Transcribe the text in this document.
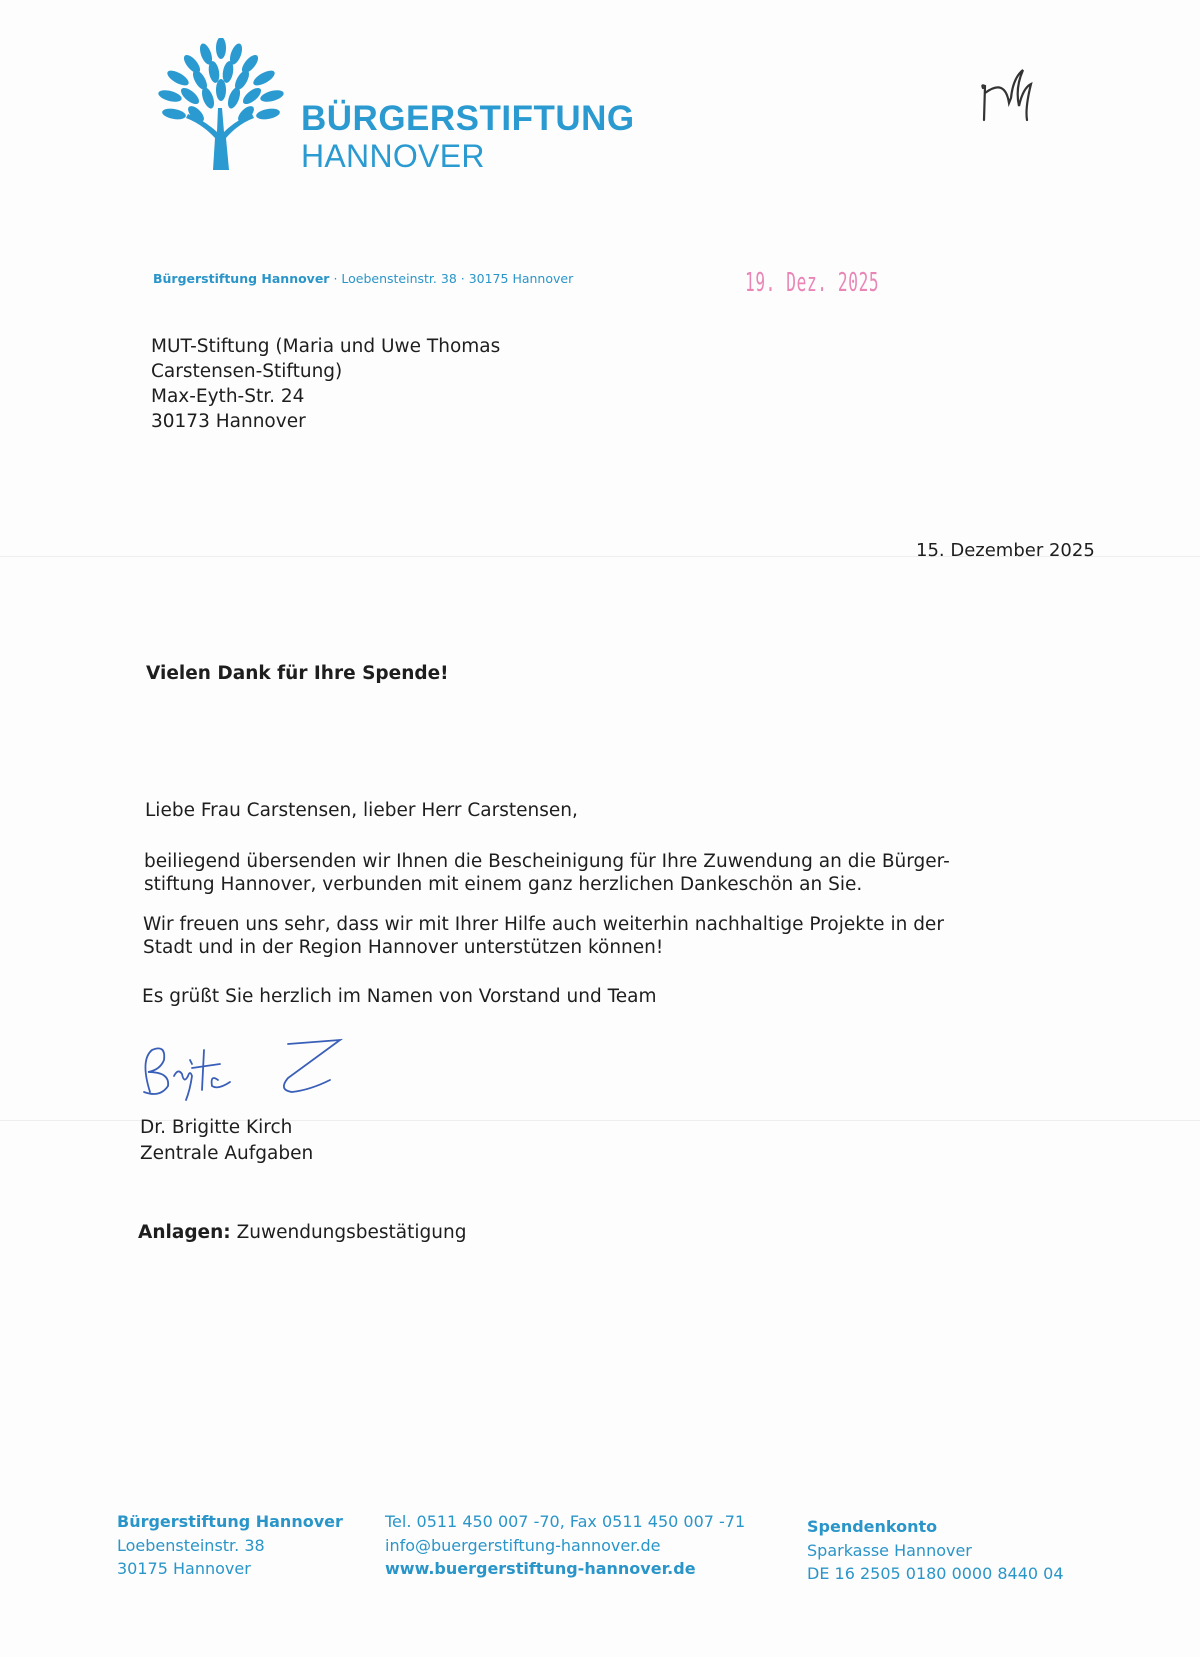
BÜRGERSTIFTUNG
HANNOVER
Bürgerstiftung Hannover · Loebensteinstr. 38 · 30175 Hannover	19. Dez. 2025
MUT-Stiftung (Maria und Uwe Thomas
Carstensen-Stiftung)
Max-Eyth-Str. 24
30173 Hannover
15. Dezember 2025
Vielen Dank für Ihre Spende!
Liebe Frau Carstensen, lieber Herr Carstensen,
beiliegend übersenden wir Ihnen die Bescheinigung für Ihre Zuwendung an die Bürger-
stiftung Hannover, verbunden mit einem ganz herzlichen Dankeschön an Sie.
Wir freuen uns sehr, dass wir mit Ihrer Hilfe auch weiterhin nachhaltige Projekte in der
Stadt und in der Region Hannover unterstützen können!
Es grüßt Sie herzlich im Namen von Vorstand und Team
Dr. Brigitte Kirch
Zentrale Aufgaben
Anlagen: Zuwendungsbestätigung
Bürgerstiftung Hannover
Loebensteinstr. 38
30175 Hannover
Tel. 0511 450 007 -70, Fax 0511 450 007 -71
info@buergerstiftung-hannover.de
www.buergerstiftung-hannover.de
Spendenkonto
Sparkasse Hannover
DE 16 2505 0180 0000 8440 04
